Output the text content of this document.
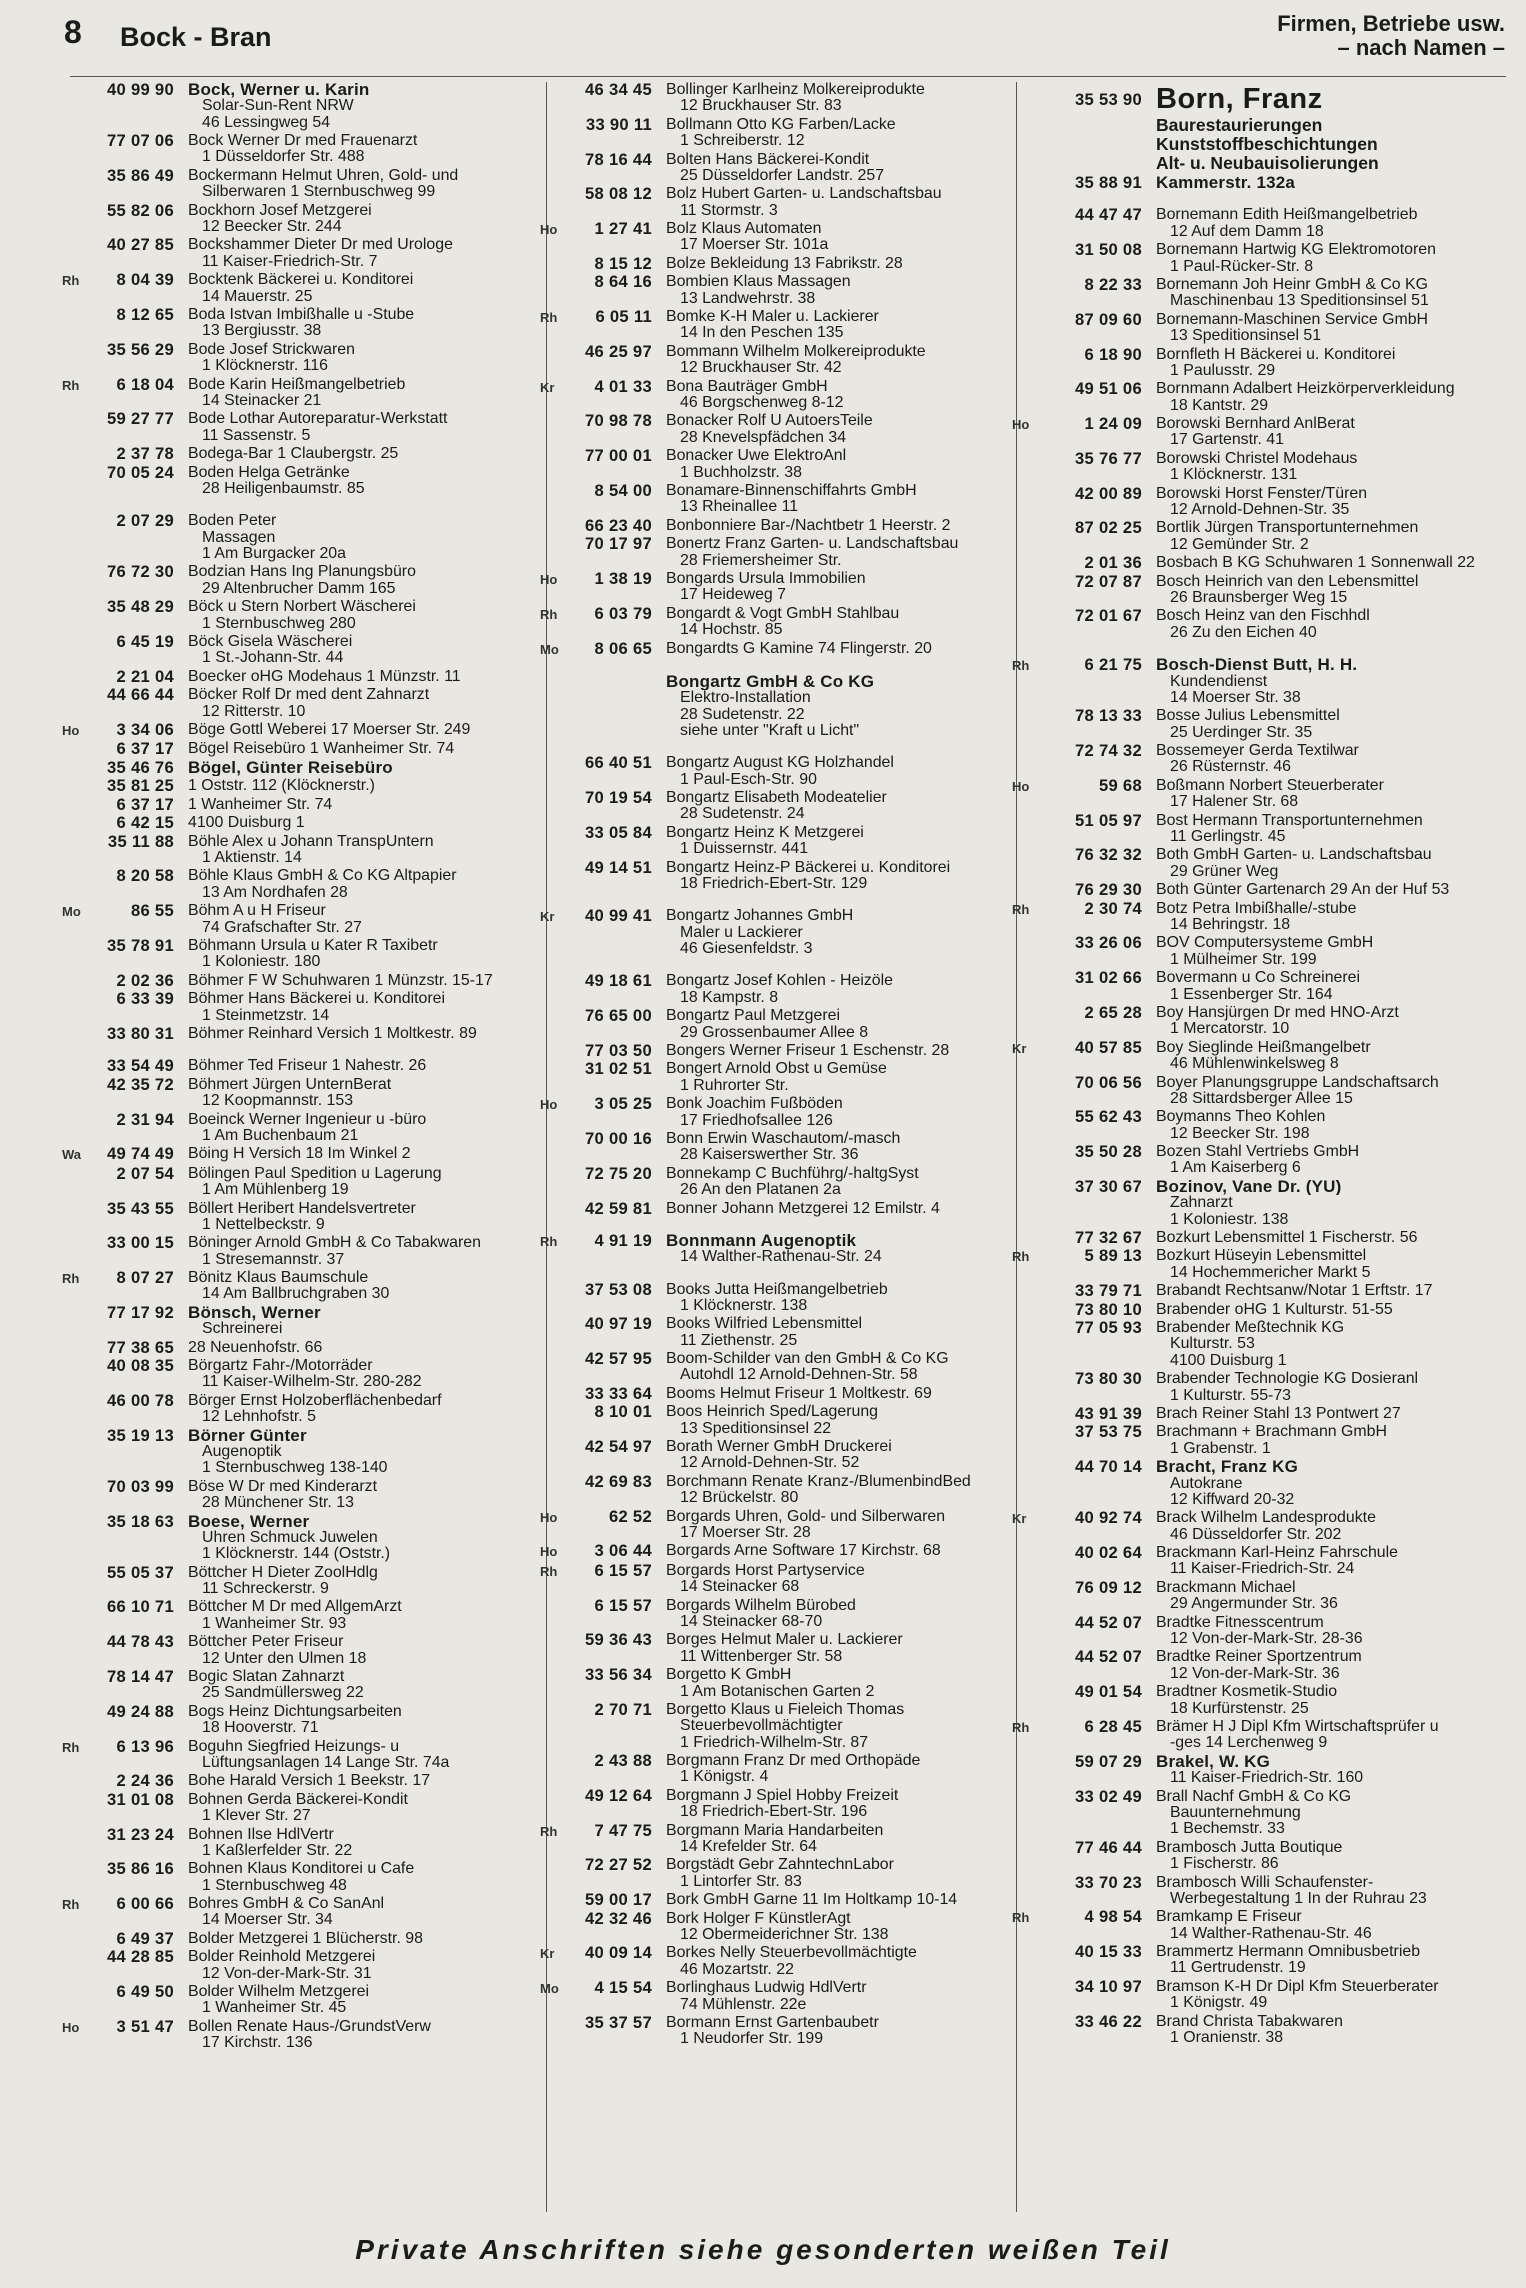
8 Bock - Bran	Firmen, Betriebe usw.
– nach Namen –
40 99 90 Bock, Werner u. Karin
Solar-Sun-Rent NRW
46 Lessingweg 54
77 07 06 Bock Werner Dr med Frauenarzt
1 Düsseldorfer Str. 488
35 86 49 Bockermann Helmut Uhren, Gold- und
Silberwaren 1 Sternbuschweg 99
55 82 06 Bockhorn Josef Metzgerei
12 Beecker Str. 244
40 27 85 Bockshammer Dieter Dr med Urologe
11 Kaiser-Friedrich-Str. 7
Rh	8 04 39 Bocktenk Bäckerei u. Konditorei
14 Mauerstr. 25
8 12 65 Boda Istvan Imbißhalle u -Stube
13 Bergiusstr. 38
35 56 29 Bode Josef Strickwaren
1 Klöcknerstr. 116
Rh	6 18 04 Bode Karin Heißmangelbetrieb
14 Steinacker 21
59 27 77 Bode Lothar Autoreparatur-Werkstatt
11 Sassenstr. 5
2 37 78 Bodega-Bar 1 Claubergstr. 25
70 05 24 Boden Helga Getränke
28 Heiligenbaumstr. 85
2 07 29 Boden Peter
Massagen
1 Am Burgacker 20a
76 72 30 Bodzian Hans Ing Planungsbüro
29 Altenbrucher Damm 165
35 48 29 Böck u Stern Norbert Wäscherei
1 Sternbuschweg 280
6 45 19 Böck Gisela Wäscherei
1 St.-Johann-Str. 44
2 21 04 Boecker oHG Modehaus 1 Münzstr. 11
44 66 44 Böcker Rolf Dr med dent Zahnarzt
12 Ritterstr. 10
Ho	3 34 06 Böge Gottl Weberei 17 Moerser Str. 249
6 37 17 Bögel Reisebüro 1 Wanheimer Str. 74
35 46 76 Bögel, Günter Reisebüro
35 81 25 1 Oststr. 112 (Klöcknerstr.)
6 37 17 1 Wanheimer Str. 74
6 42 15 4100 Duisburg 1
35 11 88 Böhle Alex u Johann TranspUntern
1 Aktienstr. 14
8 20 58 Böhle Klaus GmbH & Co KG Altpapier
13 Am Nordhafen 28
Mo	86 55 Böhm A u H Friseur
74 Grafschafter Str. 27
35 78 91 Böhmann Ursula u Kater R Taxibetr
1 Koloniestr. 180
2 02 36 Böhmer F W Schuhwaren 1 Münzstr. 15-17
6 33 39 Böhmer Hans Bäckerei u. Konditorei
1 Steinmetzstr. 14
33 80 31 Böhmer Reinhard Versich 1 Moltkestr. 89
33 54 49 Böhmer Ted Friseur 1 Nahestr. 26
42 35 72 Böhmert Jürgen UnternBerat
12 Koopmannstr. 153
2 31 94 Boeinck Werner Ingenieur u -büro
1 Am Buchenbaum 21
Wa	49 74 49 Böing H Versich 18 Im Winkel 2
2 07 54 Bölingen Paul Spedition u Lagerung
1 Am Mühlenberg 19
35 43 55 Böllert Heribert Handelsvertreter
1 Nettelbeckstr. 9
33 00 15 Böninger Arnold GmbH & Co Tabakwaren
1 Stresemannstr. 37
Rh	8 07 27 Bönitz Klaus Baumschule
14 Am Ballbruchgraben 30
77 17 92 Bönsch, Werner
Schreinerei
77 38 65 28 Neuenhofstr. 66
40 08 35 Börgartz Fahr-/Motorräder
11 Kaiser-Wilhelm-Str. 280-282
46 00 78 Börger Ernst Holzoberflächenbedarf
12 Lehnhofstr. 5
35 19 13 Börner Günter
Augenoptik
1 Sternbuschweg 138-140
70 03 99 Böse W Dr med Kinderarzt
28 Münchener Str. 13
35 18 63 Boese, Werner
Uhren Schmuck Juwelen
1 Klöcknerstr. 144 (Oststr.)
55 05 37 Böttcher H Dieter ZoolHdlg
11 Schreckerstr. 9
66 10 71 Böttcher M Dr med AllgemArzt
1 Wanheimer Str. 93
44 78 43 Böttcher Peter Friseur
12 Unter den Ulmen 18
78 14 47 Bogic Slatan Zahnarzt
25 Sandmüllersweg 22
49 24 88 Bogs Heinz Dichtungsarbeiten
18 Hooverstr. 71
Rh	6 13 96 Boguhn Siegfried Heizungs- u
Lüftungsanlagen 14 Lange Str. 74a
2 24 36 Bohe Harald Versich 1 Beekstr. 17
31 01 08 Bohnen Gerda Bäckerei-Kondit
1 Klever Str. 27
31 23 24 Bohnen Ilse HdlVertr
1 Kaßlerfelder Str. 22
35 86 16 Bohnen Klaus Konditorei u Cafe
1 Sternbuschweg 48
Rh	6 00 66 Bohres GmbH & Co SanAnl
14 Moerser Str. 34
6 49 37 Bolder Metzgerei 1 Blücherstr. 98
44 28 85 Bolder Reinhold Metzgerei
12 Von-der-Mark-Str. 31
6 49 50 Bolder Wilhelm Metzgerei
1 Wanheimer Str. 45
Ho	3 51 47 Bollen Renate Haus-/GrundstVerw
17 Kirchstr. 136
46 34 45 Bollinger Karlheinz Molkereiprodukte
12 Bruckhauser Str. 83
33 90 11 Bollmann Otto KG Farben/Lacke
1 Schreiberstr. 12
78 16 44 Bolten Hans Bäckerei-Kondit
25 Düsseldorfer Landstr. 257
58 08 12 Bolz Hubert Garten- u. Landschaftsbau
11 Stormstr. 3
Ho	1 27 41 Bolz Klaus Automaten
17 Moerser Str. 101a
8 15 12 Bolze Bekleidung 13 Fabrikstr. 28
8 64 16 Bombien Klaus Massagen
13 Landwehrstr. 38
Rh	6 05 11 Bomke K-H Maler u. Lackierer
14 In den Peschen 135
46 25 97 Bommann Wilhelm Molkereiprodukte
12 Bruckhauser Str. 42
Kr	4 01 33 Bona Bauträger GmbH
46 Borgschenweg 8-12
70 98 78 Bonacker Rolf U AutoersTeile
28 Knevelspfädchen 34
77 00 01 Bonacker Uwe ElektroAnl
1 Buchholzstr. 38
8 54 00 Bonamare-Binnenschiffahrts GmbH
13 Rheinallee 11
66 23 40 Bonbonniere Bar-/Nachtbetr 1 Heerstr. 2
70 17 97 Bonertz Franz Garten- u. Landschaftsbau
28 Friemersheimer Str.
Ho	1 38 19 Bongards Ursula Immobilien
17 Heideweg 7
Rh	6 03 79 Bongardt & Vogt GmbH Stahlbau
14 Hochstr. 85
Mo	8 06 65 Bongardts G Kamine 74 Flingerstr. 20
Bongartz GmbH & Co KG
Elektro-Installation
28 Sudetenstr. 22
siehe unter "Kraft u Licht"
66 40 51 Bongartz August KG Holzhandel
1 Paul-Esch-Str. 90
70 19 54 Bongartz Elisabeth Modeatelier
28 Sudetenstr. 24
33 05 84 Bongartz Heinz K Metzgerei
1 Duissernstr. 441
49 14 51 Bongartz Heinz-P Bäckerei u. Konditorei
18 Friedrich-Ebert-Str. 129
Kr	40 99 41 Bongartz Johannes GmbH
Maler u Lackierer
46 Giesenfeldstr. 3
49 18 61 Bongartz Josef Kohlen - Heizöle
18 Kampstr. 8
76 65 00 Bongartz Paul Metzgerei
29 Grossenbaumer Allee 8
77 03 50 Bongers Werner Friseur 1 Eschenstr. 28
31 02 51 Bongert Arnold Obst u Gemüse
1 Ruhrorter Str.
Ho	3 05 25 Bonk Joachim Fußböden
17 Friedhofsallee 126
70 00 16 Bonn Erwin Waschautom/-masch
28 Kaiserswerther Str. 36
72 75 20 Bonnekamp C Buchführg/-haltgSyst
26 An den Platanen 2a
42 59 81 Bonner Johann Metzgerei 12 Emilstr. 4
Rh	4 91 19 Bonnmann Augenoptik
14 Walther-Rathenau-Str. 24
37 53 08 Books Jutta Heißmangelbetrieb
1 Klöcknerstr. 138
40 97 19 Books Wilfried Lebensmittel
11 Ziethenstr. 25
42 57 95 Boom-Schilder van den GmbH & Co KG
Autohdl 12 Arnold-Dehnen-Str. 58
33 33 64 Booms Helmut Friseur 1 Moltkestr. 69
8 10 01 Boos Heinrich Sped/Lagerung
13 Speditionsinsel 22
42 54 97 Borath Werner GmbH Druckerei
12 Arnold-Dehnen-Str. 52
42 69 83 Borchmann Renate Kranz-/BlumenbindBed
12 Brückelstr. 80
Ho	62 52 Borgards Uhren, Gold- und Silberwaren
17 Moerser Str. 28
Ho	3 06 44 Borgards Arne Software 17 Kirchstr. 68
Rh	6 15 57 Borgards Horst Partyservice
14 Steinacker 68
6 15 57 Borgards Wilhelm Bürobed
14 Steinacker 68-70
59 36 43 Borges Helmut Maler u. Lackierer
11 Wittenberger Str. 58
33 56 34 Borgetto K GmbH
1 Am Botanischen Garten 2
2 70 71 Borgetto Klaus u Fieleich Thomas
Steuerbevollmächtigter
1 Friedrich-Wilhelm-Str. 87
2 43 88 Borgmann Franz Dr med Orthopäde
1 Königstr. 4
49 12 64 Borgmann J Spiel Hobby Freizeit
18 Friedrich-Ebert-Str. 196
Rh	7 47 75 Borgmann Maria Handarbeiten
14 Krefelder Str. 64
72 27 52 Borgstädt Gebr ZahntechnLabor
1 Lintorfer Str. 83
59 00 17 Bork GmbH Garne 11 Im Holtkamp 10-14
42 32 46 Bork Holger F KünstlerAgt
12 Obermeiderichner Str. 138
Kr	40 09 14 Borkes Nelly Steuerbevollmächtigte
46 Mozartstr. 22
Mo	4 15 54 Borlinghaus Ludwig HdlVertr
74 Mühlenstr. 22e
35 37 57 Bormann Ernst Gartenbaubetr
1 Neudorfer Str. 199
35 53 90 Born, Franz
Baurestaurierungen
Kunststoffbeschichtungen
Alt- u. Neubauisolierungen
35 88 91 Kammerstr. 132a
44 47 47 Bornemann Edith Heißmangelbetrieb
12 Auf dem Damm 18
31 50 08 Bornemann Hartwig KG Elektromotoren
1 Paul-Rücker-Str. 8
8 22 33 Bornemann Joh Heinr GmbH & Co KG
Maschinenbau 13 Speditionsinsel 51
87 09 60 Bornemann-Maschinen Service GmbH
13 Speditionsinsel 51
6 18 90 Bornfleth H Bäckerei u. Konditorei
1 Paulusstr. 29
49 51 06 Bornmann Adalbert Heizkörperverkleidung
18 Kantstr. 29
Ho	1 24 09 Borowski Bernhard AnlBerat
17 Gartenstr. 41
35 76 77 Borowski Christel Modehaus
1 Klöcknerstr. 131
42 00 89 Borowski Horst Fenster/Türen
12 Arnold-Dehnen-Str. 35
87 02 25 Bortlik Jürgen Transportunternehmen
12 Gemünder Str. 2
2 01 36 Bosbach B KG Schuhwaren 1 Sonnenwall 22
72 07 87 Bosch Heinrich van den Lebensmittel
26 Braunsberger Weg 15
72 01 67 Bosch Heinz van den Fischhdl
26 Zu den Eichen 40
Rh	6 21 75 Bosch-Dienst Butt, H. H.
Kundendienst
14 Moerser Str. 38
78 13 33 Bosse Julius Lebensmittel
25 Uerdinger Str. 35
72 74 32 Bossemeyer Gerda Textilwar
26 Rüsternstr. 46
Ho	59 68 Boßmann Norbert Steuerberater
17 Halener Str. 68
51 05 97 Bost Hermann Transportunternehmen
11 Gerlingstr. 45
76 32 32 Both GmbH Garten- u. Landschaftsbau
29 Grüner Weg
76 29 30 Both Günter Gartenarch 29 An der Huf 53
Rh	2 30 74 Botz Petra Imbißhalle/-stube
14 Behringstr. 18
33 26 06 BOV Computersysteme GmbH
1 Mülheimer Str. 199
31 02 66 Bovermann u Co Schreinerei
1 Essenberger Str. 164
2 65 28 Boy Hansjürgen Dr med HNO-Arzt
1 Mercatorstr. 10
Kr	40 57 85 Boy Sieglinde Heißmangelbetr
46 Mühlenwinkelsweg 8
70 06 56 Boyer Planungsgruppe Landschaftsarch
28 Sittardsberger Allee 15
55 62 43 Boymanns Theo Kohlen
12 Beecker Str. 198
35 50 28 Bozen Stahl Vertriebs GmbH
1 Am Kaiserberg 6
37 30 67 Bozinov, Vane Dr. (YU)
Zahnarzt
1 Koloniestr. 138
77 32 67 Bozkurt Lebensmittel 1 Fischerstr. 56
Rh	5 89 13 Bozkurt Hüseyin Lebensmittel
14 Hochemmericher Markt 5
33 79 71 Brabandt Rechtsanw/Notar 1 Erftstr. 17
73 80 10 Brabender oHG 1 Kulturstr. 51-55
77 05 93 Brabender Meßtechnik KG
Kulturstr. 53
4100 Duisburg 1
73 80 30 Brabender Technologie KG Dosieranl
1 Kulturstr. 55-73
43 91 39 Brach Reiner Stahl 13 Pontwert 27
37 53 75 Brachmann + Brachmann GmbH
1 Grabenstr. 1
44 70 14 Bracht, Franz KG
Autokrane
12 Kiffward 20-32
Kr	40 92 74 Brack Wilhelm Landesprodukte
46 Düsseldorfer Str. 202
40 02 64 Brackmann Karl-Heinz Fahrschule
11 Kaiser-Friedrich-Str. 24
76 09 12 Brackmann Michael
29 Angermunder Str. 36
44 52 07 Bradtke Fitnesscentrum
12 Von-der-Mark-Str. 28-36
44 52 07 Bradtke Reiner Sportzentrum
12 Von-der-Mark-Str. 36
49 01 54 Bradtner Kosmetik-Studio
18 Kurfürstenstr. 25
Rh	6 28 45 Brämer H J Dipl Kfm Wirtschaftsprüfer u
-ges 14 Lerchenweg 9
59 07 29 Brakel, W. KG
11 Kaiser-Friedrich-Str. 160
33 02 49 Brall Nachf GmbH & Co KG
Bauunternehmung
1 Bechemstr. 33
77 46 44 Brambosch Jutta Boutique
1 Fischerstr. 86
33 70 23 Brambosch Willi Schaufenster-
Werbegestaltung 1 In der Ruhrau 23
Rh	4 98 54 Bramkamp E Friseur
14 Walther-Rathenau-Str. 46
40 15 33 Brammertz Hermann Omnibusbetrieb
11 Gertrudenstr. 19
34 10 97 Bramson K-H Dr Dipl Kfm Steuerberater
1 Königstr. 49
33 46 22 Brand Christa Tabakwaren
1 Oranienstr. 38
Private Anschriften siehe gesonderten weißen Teil
